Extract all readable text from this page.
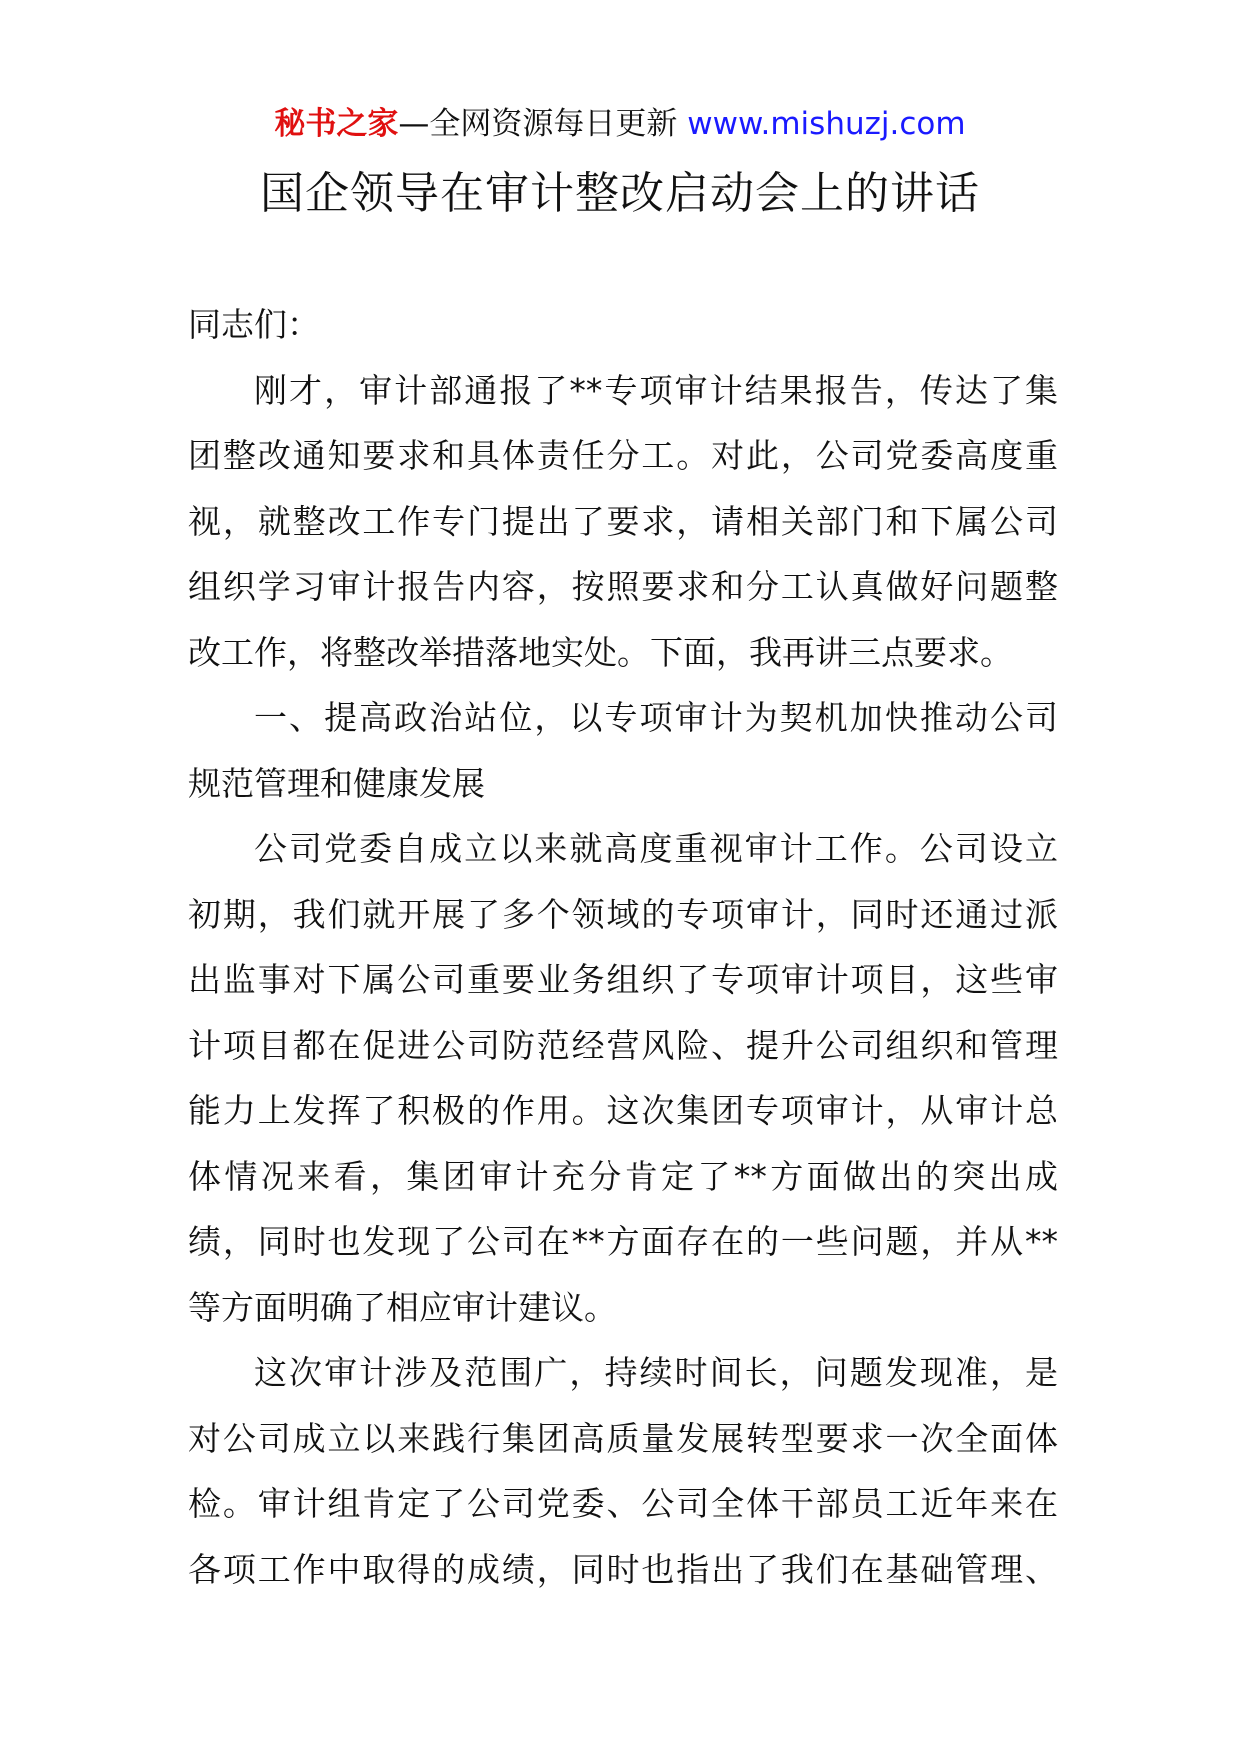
秘书之家—全网资源每日更新 www.mishuzj.com
国企领导在审计整改启动会上的讲话
同志们：
刚才，审计部通报了**专项审计结果报告，传达了集
团整改通知要求和具体责任分工。对此，公司党委高度重
视，就整改工作专门提出了要求，请相关部门和下属公司
组织学习审计报告内容，按照要求和分工认真做好问题整
改工作，将整改举措落地实处。下面，我再讲三点要求。
一、提高政治站位，以专项审计为契机加快推动公司
规范管理和健康发展
公司党委自成立以来就高度重视审计工作。公司设立
初期，我们就开展了多个领域的专项审计，同时还通过派
出监事对下属公司重要业务组织了专项审计项目，这些审
计项目都在促进公司防范经营风险、提升公司组织和管理
能力上发挥了积极的作用。这次集团专项审计，从审计总
体情况来看，集团审计充分肯定了**方面做出的突出成
绩，同时也发现了公司在**方面存在的一些问题，并从**
等方面明确了相应审计建议。
这次审计涉及范围广，持续时间长，问题发现准，是
对公司成立以来践行集团高质量发展转型要求一次全面体
检。审计组肯定了公司党委、公司全体干部员工近年来在
各项工作中取得的成绩，同时也指出了我们在基础管理、
